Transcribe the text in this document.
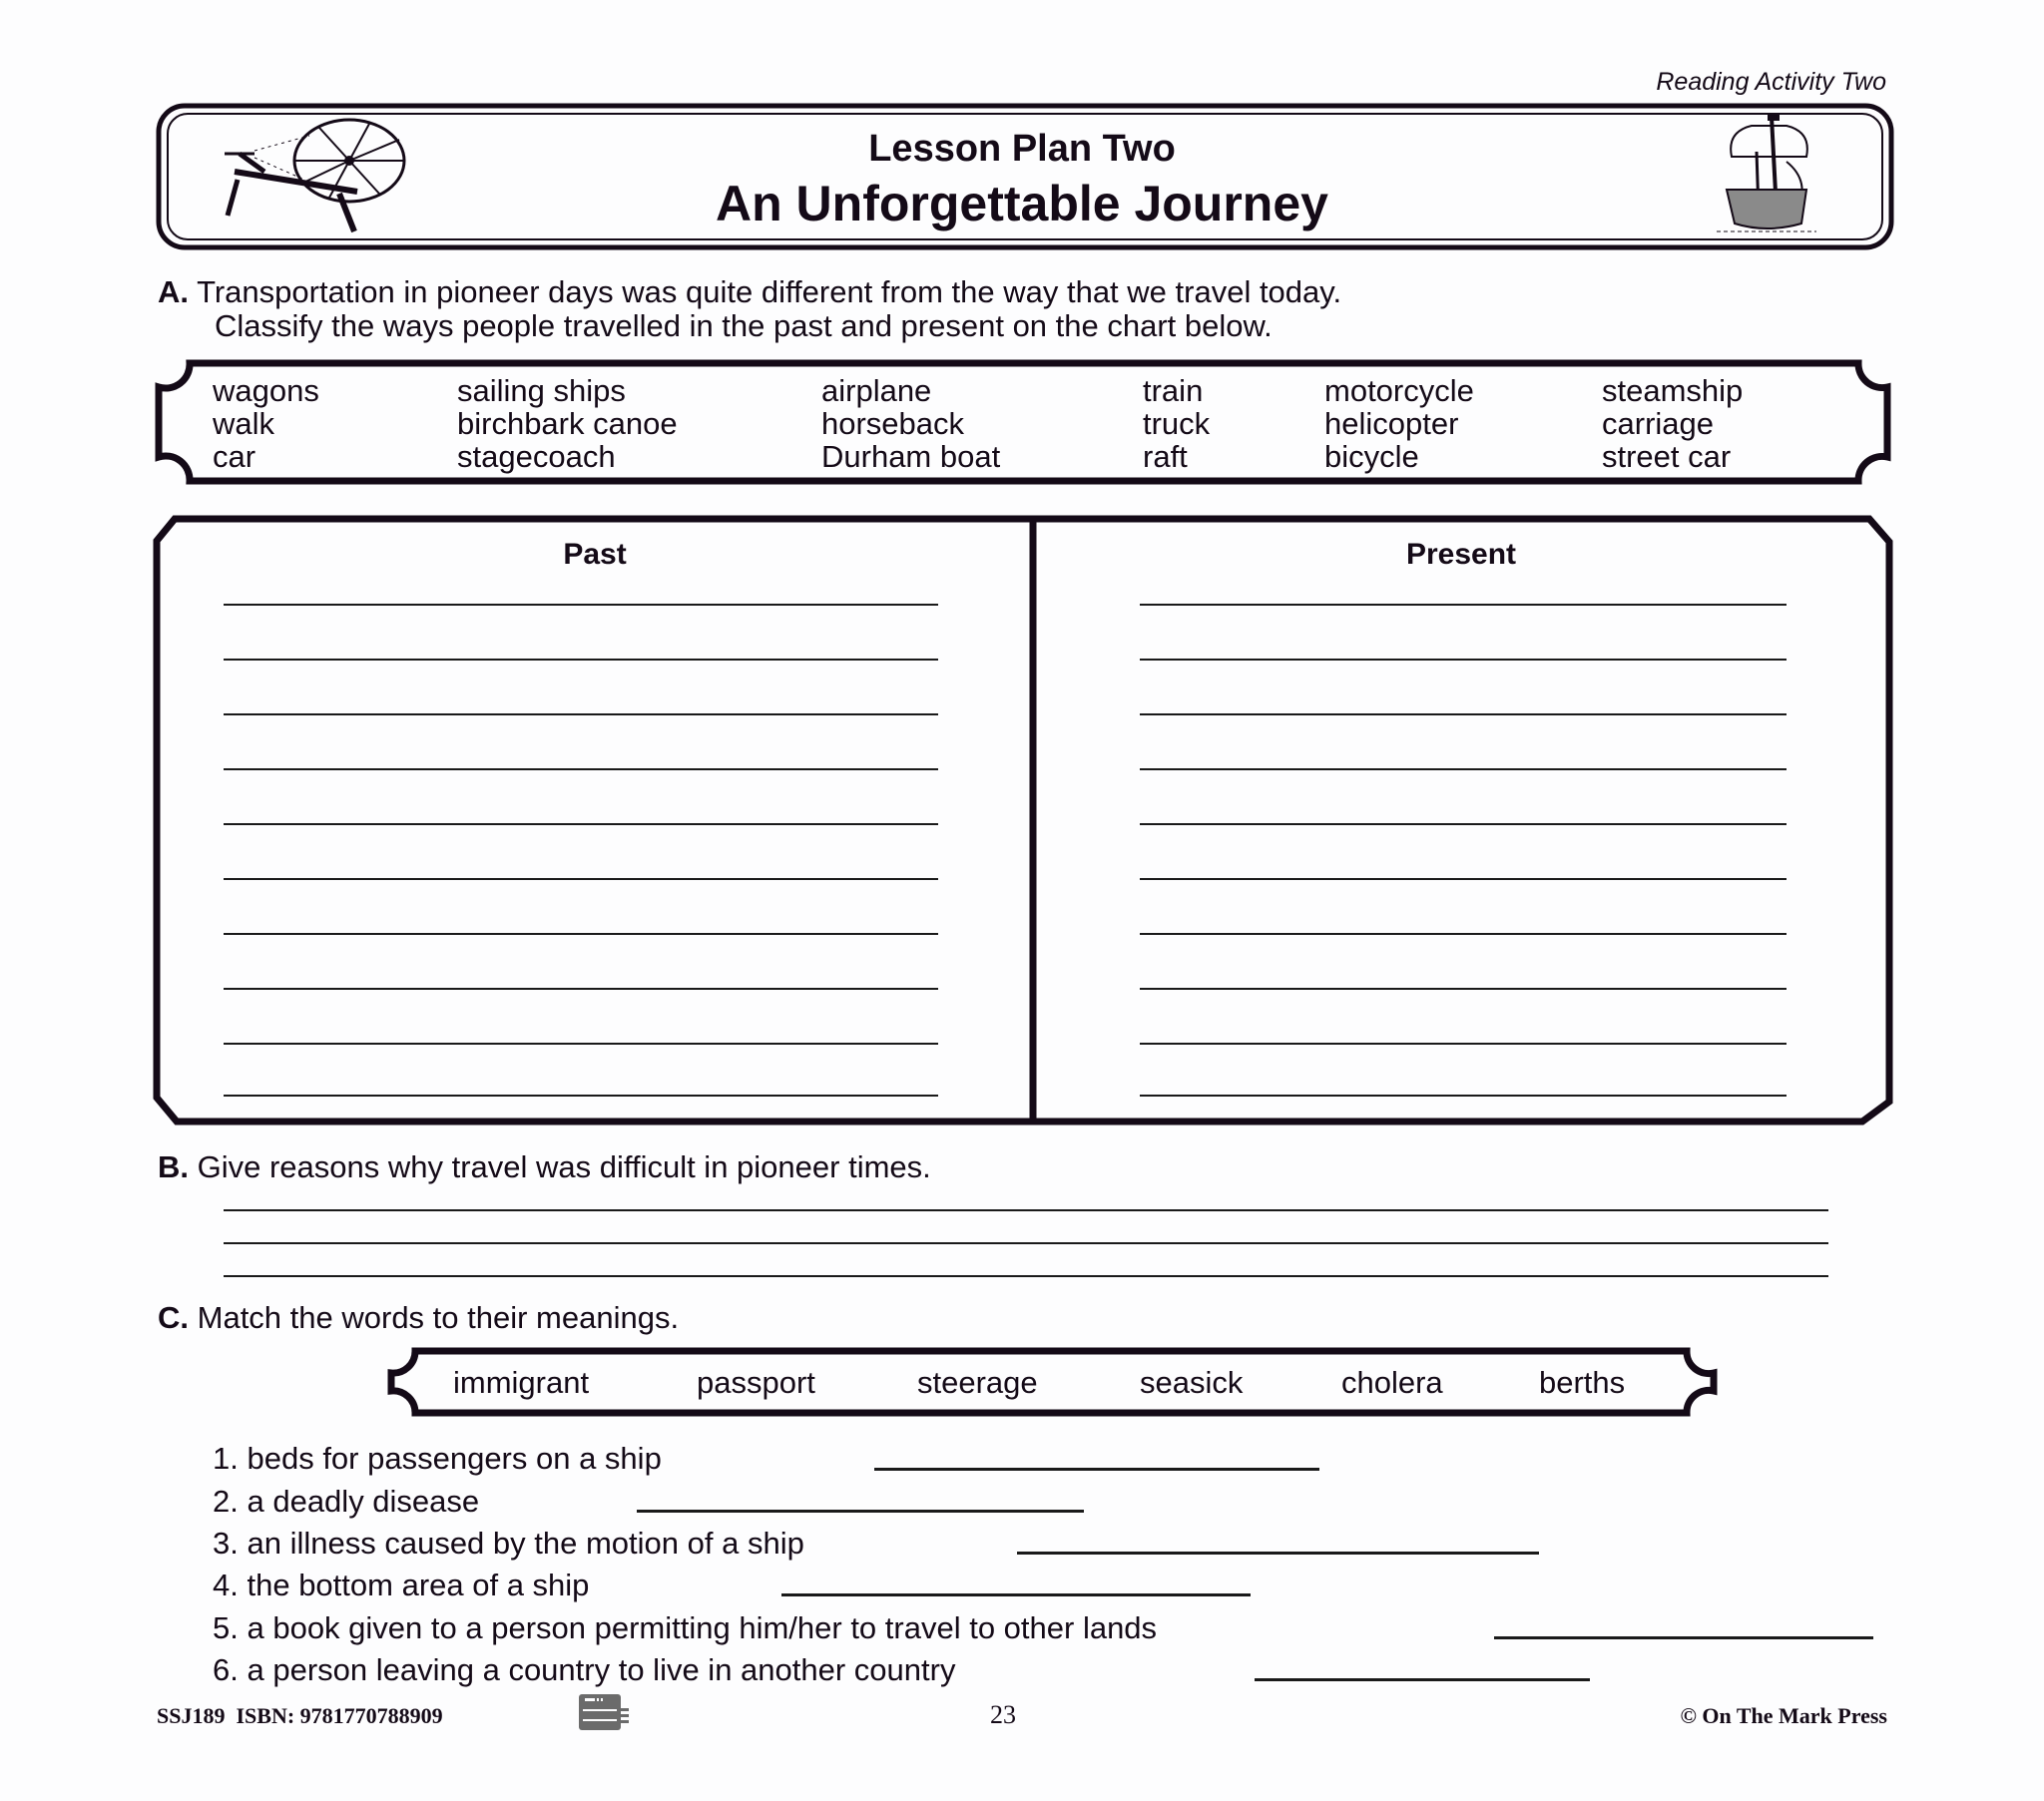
Reading Activity Two
Lesson Plan Two
An Unforgettable Journey
A. Transportation in pioneer days was quite different from the way that we travel today.
Classify the ways people travelled in the past and present on the chart below.
wagons
walk
car
sailing ships
birchbark canoe
stagecoach
airplane
horseback
Durham boat
train
truck
raft
motorcycle
helicopter
bicycle
steamship
carriage
street car
Past	Present
B. Give reasons why travel was difficult in pioneer times.
C. Match the words to their meanings.
immigrant	passport	steerage	seasick	cholera	berths
1. beds for passengers on a ship
2. a deadly disease
3. an illness caused by the motion of a ship
4. the bottom area of a ship
5. a book given to a person permitting him/her to travel to other lands
6. a person leaving a country to live in another country
SSJ189 ISBN: 9781770788909	23	© On The Mark Press
